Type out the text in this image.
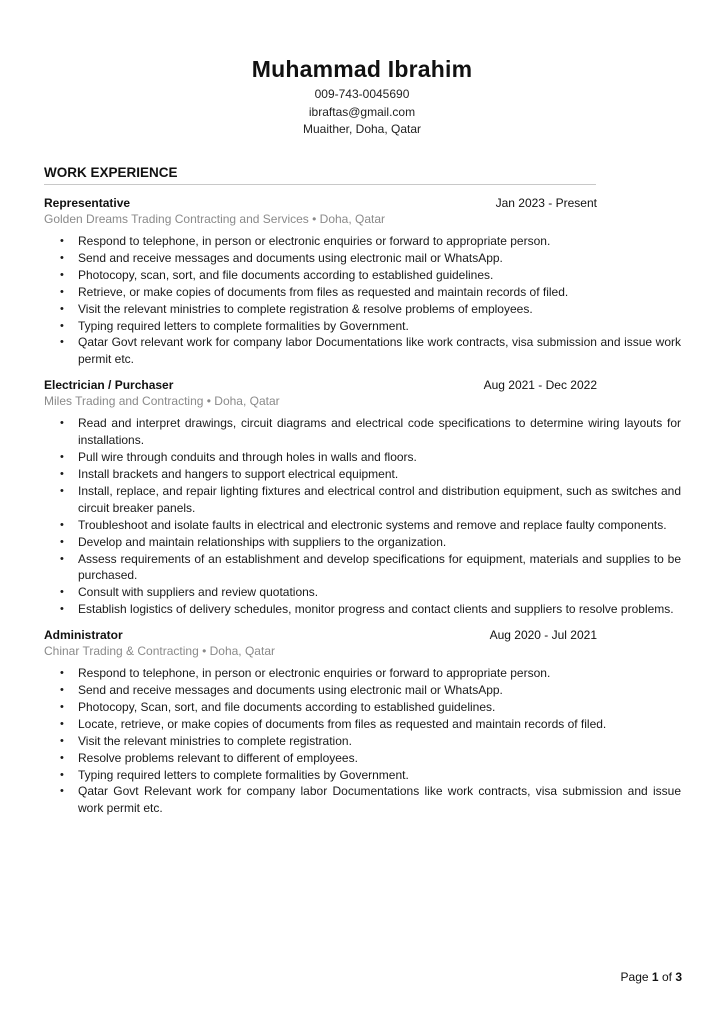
Muhammad Ibrahim
009-743-0045690
ibraftas@gmail.com
Muaither, Doha, Qatar
WORK EXPERIENCE
Representative	Jan 2023 - Present
Golden Dreams Trading Contracting and Services • Doha, Qatar
• Respond to telephone, in person or electronic enquiries or forward to appropriate person.
• Send and receive messages and documents using electronic mail or WhatsApp.
• Photocopy, scan, sort, and file documents according to established guidelines.
• Retrieve, or make copies of documents from files as requested and maintain records of filed.
• Visit the relevant ministries to complete registration & resolve problems of employees.
• Typing required letters to complete formalities by Government.
• Qatar Govt relevant work for company labor Documentations like work contracts, visa submission and issue work permit etc.
Electrician / Purchaser	Aug 2021 - Dec 2022
Miles Trading and Contracting • Doha, Qatar
• Read and interpret drawings, circuit diagrams and electrical code specifications to determine wiring layouts for installations.
• Pull wire through conduits and through holes in walls and floors.
• Install brackets and hangers to support electrical equipment.
• Install, replace, and repair lighting fixtures and electrical control and distribution equipment, such as switches and circuit breaker panels.
• Troubleshoot and isolate faults in electrical and electronic systems and remove and replace faulty components.
• Develop and maintain relationships with suppliers to the organization.
• Assess requirements of an establishment and develop specifications for equipment, materials and supplies to be purchased.
• Consult with suppliers and review quotations.
• Establish logistics of delivery schedules, monitor progress and contact clients and suppliers to resolve problems.
Administrator	Aug 2020 - Jul 2021
Chinar Trading & Contracting • Doha, Qatar
• Respond to telephone, in person or electronic enquiries or forward to appropriate person.
• Send and receive messages and documents using electronic mail or WhatsApp.
• Photocopy, Scan, sort, and file documents according to established guidelines.
• Locate, retrieve, or make copies of documents from files as requested and maintain records of filed.
• Visit the relevant ministries to complete registration.
• Resolve problems relevant to different of employees.
• Typing required letters to complete formalities by Government.
• Qatar Govt Relevant work for company labor Documentations like work contracts, visa submission and issue work permit etc.
Page 1 of 3
